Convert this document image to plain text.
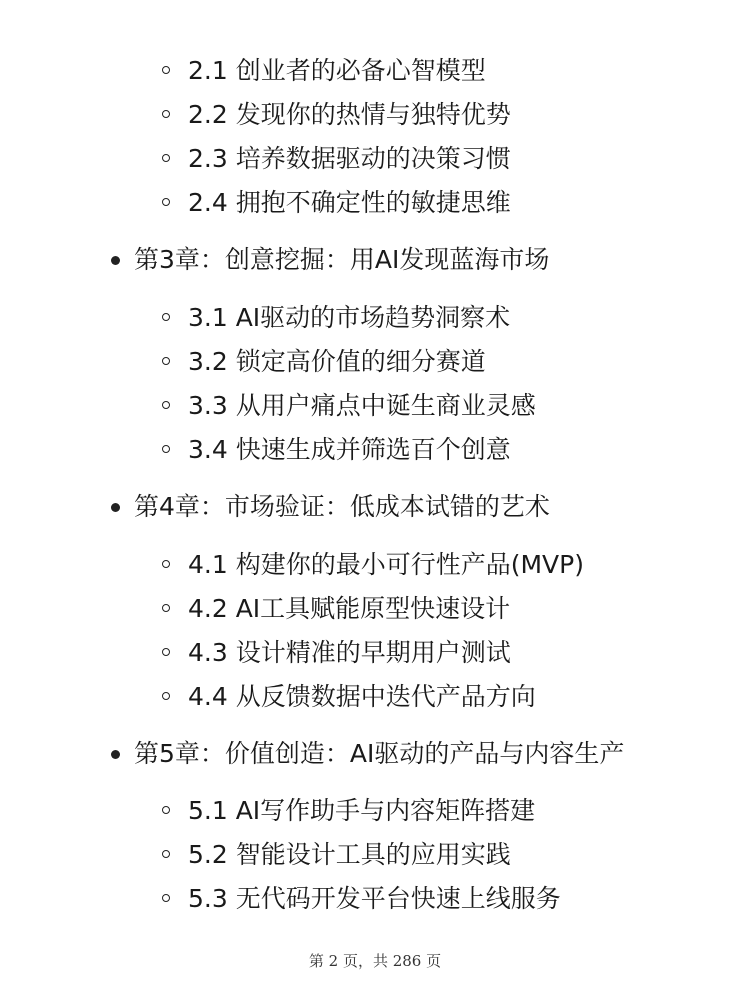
2.1 创业者的必备心智模型
2.2 发现你的热情与独特优势
2.3 培养数据驱动的决策习惯
2.4 拥抱不确定性的敏捷思维
第3章：创意挖掘：用AI发现蓝海市场
3.1 AI驱动的市场趋势洞察术
3.2 锁定高价值的细分赛道
3.3 从用户痛点中诞生商业灵感
3.4 快速生成并筛选百个创意
第4章：市场验证：低成本试错的艺术
4.1 构建你的最小可行性产品(MVP)
4.2 AI工具赋能原型快速设计
4.3 设计精准的早期用户测试
4.4 从反馈数据中迭代产品方向
第5章：价值创造：AI驱动的产品与内容生产
5.1 AI写作助手与内容矩阵搭建
5.2 智能设计工具的应用实践
5.3 无代码开发平台快速上线服务
第 2 页，共 286 页
